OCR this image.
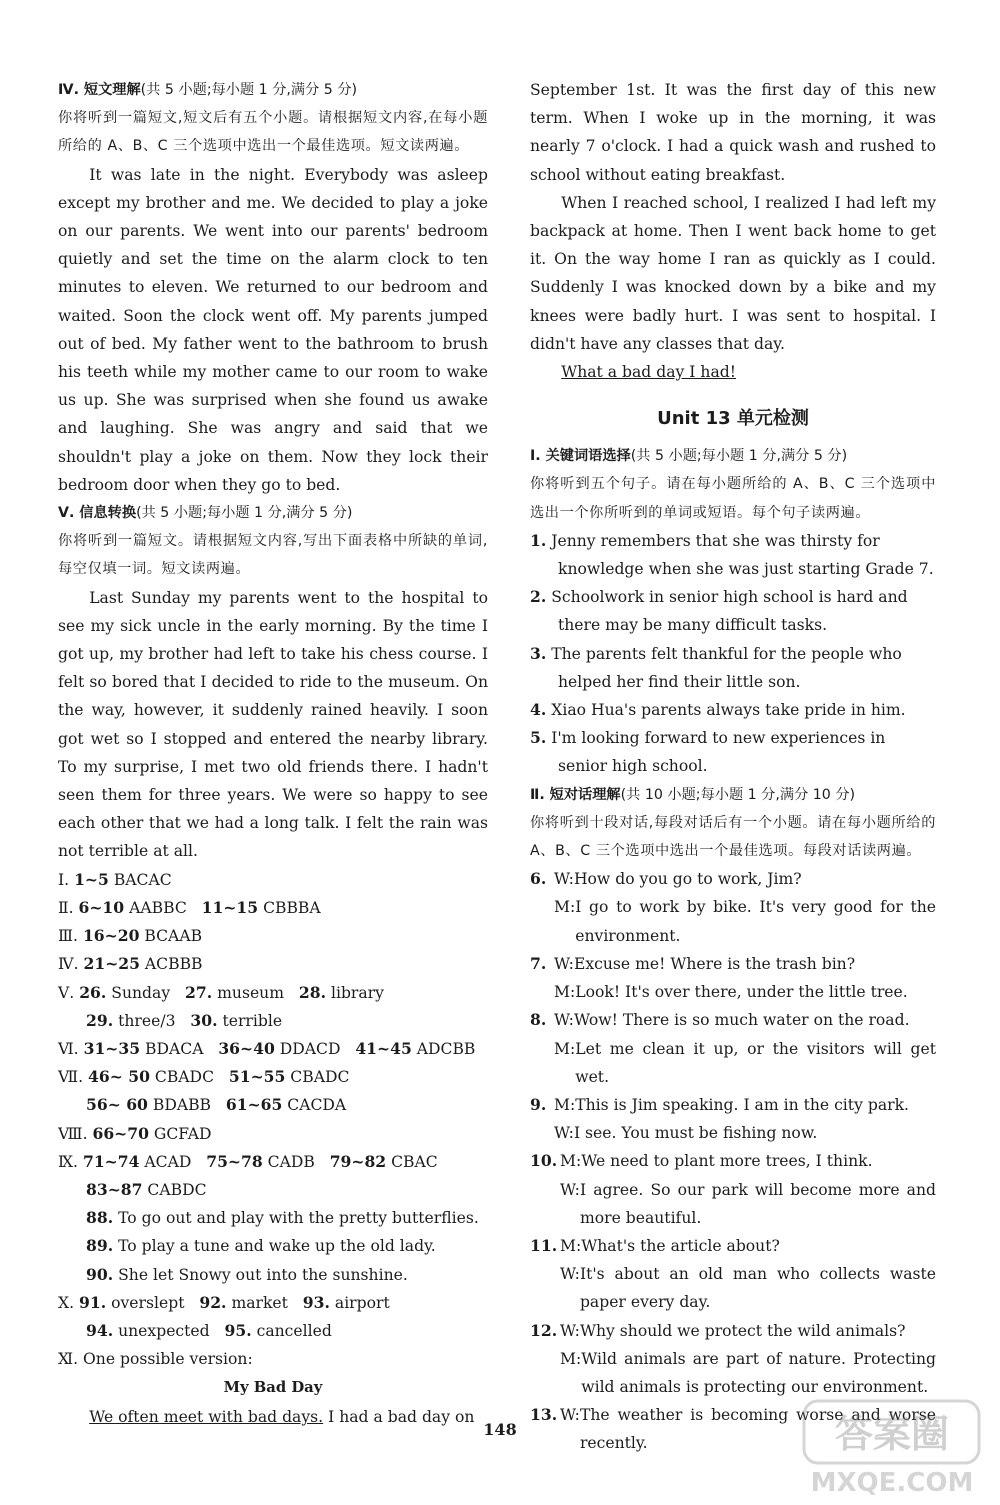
Ⅳ. 短文理解(共 5 小题;每小题 1 分,满分 5 分)

你将听到一篇短文,短文后有五个小题。请根据短文内容,在每小题所给的 A、B、C 三个选项中选出一个最佳选项。短文读两遍。

It was late in the night. Everybody was asleep except my brother and me. We decided to play a joke on our parents. We went into our parents' bedroom quietly and set the time on the alarm clock to ten minutes to eleven. We returned to our bedroom and waited. Soon the clock went off. My parents jumped out of bed. My father went to the bathroom to brush his teeth while my mother came to our room to wake us up. She was surprised when she found us awake and laughing. She was angry and said that we shouldn't play a joke on them. Now they lock their bedroom door when they go to bed.

Ⅴ. 信息转换(共 5 小题;每小题 1 分,满分 5 分)

你将听到一篇短文。请根据短文内容,写出下面表格中所缺的单词,每空仅填一词。短文读两遍。

Last Sunday my parents went to the hospital to see my sick uncle in the early morning. By the time I got up, my brother had left to take his chess course. I felt so bored that I decided to ride to the museum. On the way, however, it suddenly rained heavily. I soon got wet so I stopped and entered the nearby library. To my surprise, I met two old friends there. I hadn't seen them for three years. We were so happy to see each other that we had a long talk. I felt the rain was not terrible at all.

Ⅰ. 1~5 BACAC

Ⅱ. 6~10 AABBC   11~15 CBBBA

Ⅲ. 16~20 BCAAB

Ⅳ. 21~25 ACBBB

Ⅴ. 26. Sunday   27. museum   28. library

29. three/3   30. terrible

Ⅵ. 31~35 BDACA   36~40 DDACD   41~45 ADCBB

Ⅶ. 46~ 50 CBADC   51~55 CBADC

56~ 60 BDABB   61~65 CACDA

Ⅷ. 66~70 GCFAD

Ⅸ. 71~74 ACAD   75~78 CADB   79~82 CBAC

83~87 CABDC

88. To go out and play with the pretty butterflies.

89. To play a tune and wake up the old lady.

90. She let Snowy out into the sunshine.

Ⅹ. 91. overslept   92. market   93. airport

94. unexpected   95. cancelled

Ⅺ. One possible version:

My Bad Day

We often meet with bad days. I had a bad day on

September 1st. It was the first day of this new term. When I woke up in the morning, it was nearly 7 o'clock. I had a quick wash and rushed to school without eating breakfast.

When I reached school, I realized I had left my backpack at home. Then I went back home to get it. On the way home I ran as quickly as I could. Suddenly I was knocked down by a bike and my knees were badly hurt. I was sent to hospital. I didn't have any classes that day.

What a bad day I had!

Unit 13 单元检测

Ⅰ. 关键词语选择(共 5 小题;每小题 1 分,满分 5 分)

你将听到五个句子。请在每小题所给的 A、B、C 三个选项中选出一个你所听到的单词或短语。每个句子读两遍。

1. Jenny remembers that she was thirsty for knowledge when she was just starting Grade 7.

2. Schoolwork in senior high school is hard and there may be many difficult tasks.

3. The parents felt thankful for the people who helped her find their little son.

4. Xiao Hua's parents always take pride in him.

5. I'm looking forward to new experiences in senior high school.

Ⅱ. 短对话理解(共 10 小题;每小题 1 分,满分 10 分)

你将听到十段对话,每段对话后有一个小题。请在每小题所给的 A、B、C 三个选项中选出一个最佳选项。每段对话读两遍。

6. W: How do you go to work, Jim?

M: I go to work by bike. It's very good for the environment.

7. W: Excuse me! Where is the trash bin?

M: Look! It's over there, under the little tree.

8. W: Wow! There is so much water on the road.

M: Let me clean it up, or the visitors will get wet.

9. M: This is Jim speaking. I am in the city park.

W: I see. You must be fishing now.

10. M: We need to plant more trees, I think.

W: I agree. So our park will become more and more beautiful.

11. M: What's the article about?

W: It's about an old man who collects waste paper every day.

12. W: Why should we protect the wild animals?

M: Wild animals are part of nature. Protecting wild animals is protecting our environment.

13. W: The weather is becoming worse and worse recently.

148	答案圈
MXQE.COM
